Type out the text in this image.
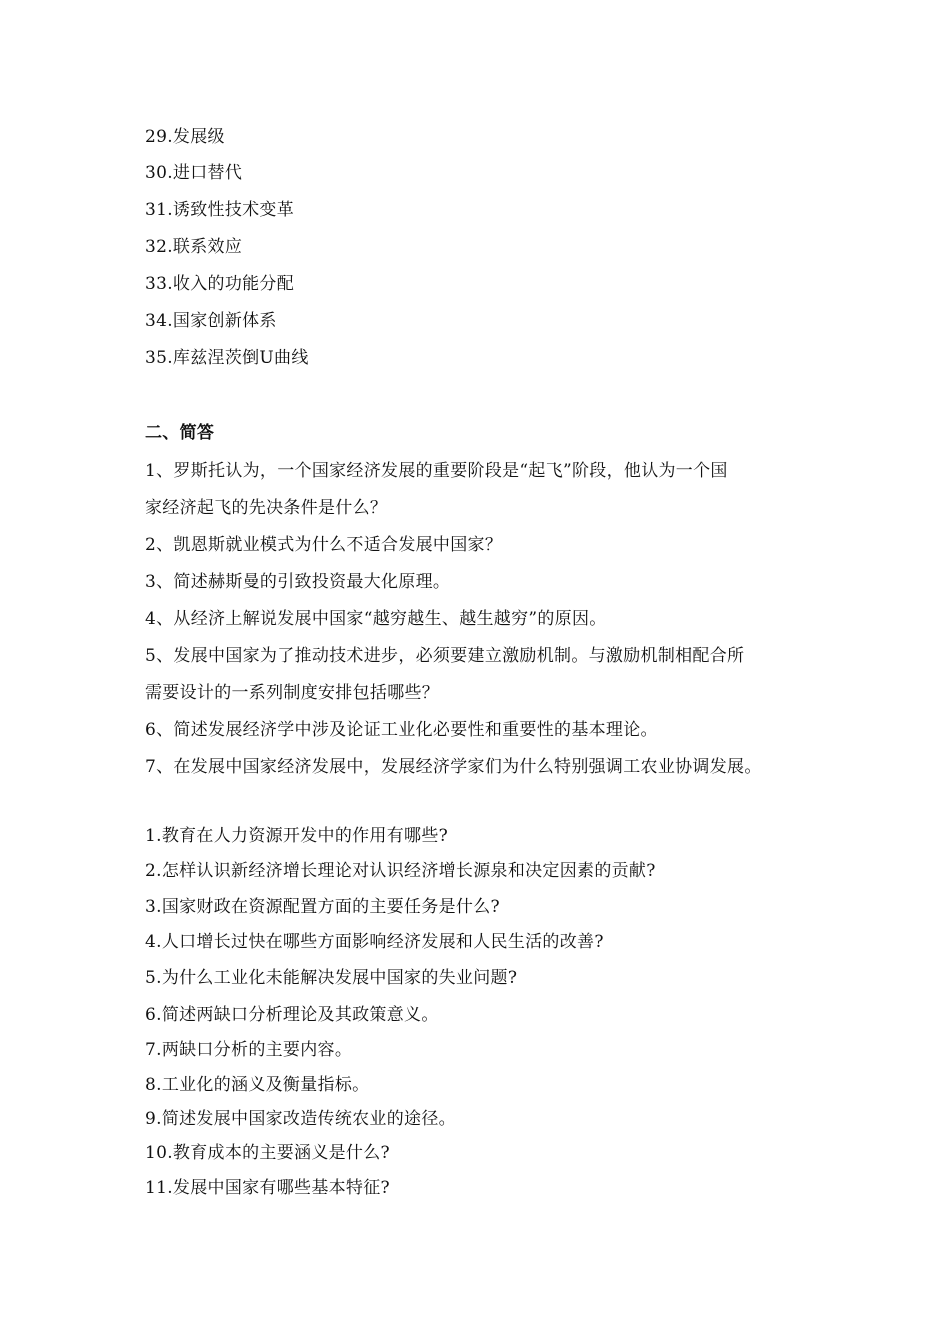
29.发展级
30.进口替代
31.诱致性技术变革
32.联系效应
33.收入的功能分配
34.国家创新体系
35.库兹涅茨倒U曲线
二、简答
1、罗斯托认为，一个国家经济发展的重要阶段是“起飞”阶段，他认为一个国
家经济起飞的先决条件是什么？
2、凯恩斯就业模式为什么不适合发展中国家？
3、简述赫斯曼的引致投资最大化原理。
4、从经济上解说发展中国家“越穷越生、越生越穷”的原因。
5、发展中国家为了推动技术进步，必须要建立激励机制。与激励机制相配合所
需要设计的一系列制度安排包括哪些？
6、简述发展经济学中涉及论证工业化必要性和重要性的基本理论。
7、在发展中国家经济发展中，发展经济学家们为什么特别强调工农业协调发展。
1.教育在人力资源开发中的作用有哪些?
2.怎样认识新经济增长理论对认识经济增长源泉和决定因素的贡献?
3.国家财政在资源配置方面的主要任务是什么?
4.人口增长过快在哪些方面影响经济发展和人民生活的改善?
5.为什么工业化未能解决发展中国家的失业问题?
6.简述两缺口分析理论及其政策意义。
7.两缺口分析的主要内容。
8.工业化的涵义及衡量指标。
9.简述发展中国家改造传统农业的途径。
10.教育成本的主要涵义是什么?
11.发展中国家有哪些基本特征?
